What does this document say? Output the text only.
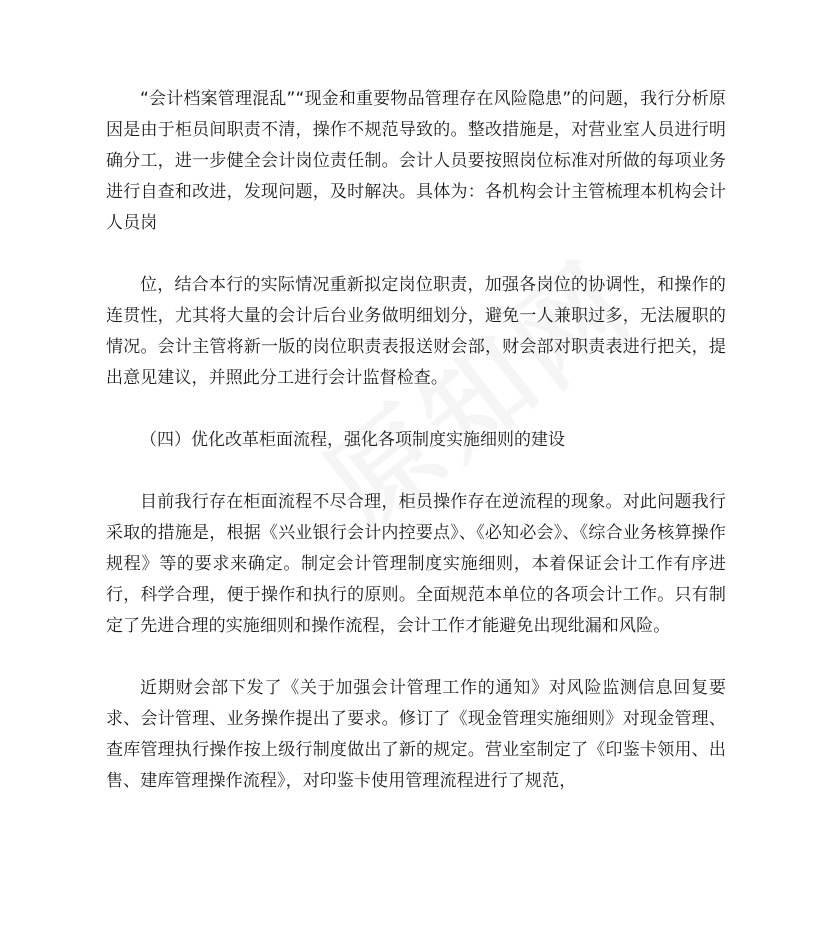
“会计档案管理混乱”“现金和重要物品管理存在风险隐患”的问题，我行分析原因是由于柜员间职责不清，操作不规范导致的。整改措施是，对营业室人员进行明确分工，进一步健全会计岗位责任制。会计人员要按照岗位标准对所做的每项业务进行自查和改进，发现问题，及时解决。具体为：各机构会计主管梳理本机构会计人员岗

位，结合本行的实际情况重新拟定岗位职责，加强各岗位的协调性，和操作的连贯性，尤其将大量的会计后台业务做明细划分，避免一人兼职过多，无法履职的情况。会计主管将新一版的岗位职责表报送财会部，财会部对职责表进行把关，提出意见建议，并照此分工进行会计监督检查。

（四）优化改革柜面流程，强化各项制度实施细则的建设

目前我行存在柜面流程不尽合理，柜员操作存在逆流程的现象。对此问题我行采取的措施是，根据《兴业银行会计内控要点》、《必知必会》、《综合业务核算操作规程》等的要求来确定。制定会计管理制度实施细则，本着保证会计工作有序进行，科学合理，便于操作和执行的原则。全面规范本单位的各项会计工作。只有制定了先进合理的实施细则和操作流程，会计工作才能避免出现纰漏和风险。

近期财会部下发了《关于加强会计管理工作的通知》对风险监测信息回复要求、会计管理、业务操作提出了要求。修订了《现金管理实施细则》对现金管理、查库管理执行操作按上级行制度做出了新的规定。营业室制定了《印鉴卡领用、出售、建库管理操作流程》，对印鉴卡使用管理流程进行了规范，
